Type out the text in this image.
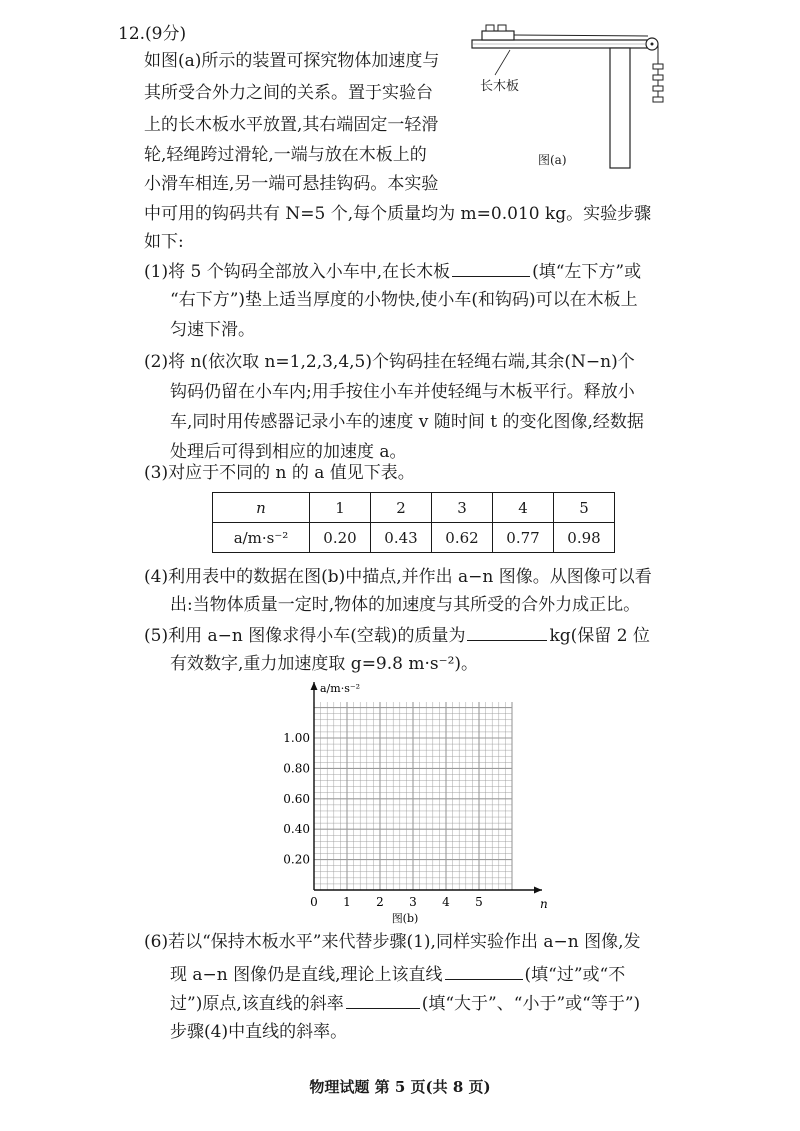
12.(9分)
如图(a)所示的装置可探究物体加速度与
其所受合外力之间的关系。置于实验台
上的长木板水平放置,其右端固定一轻滑
轮,轻绳跨过滑轮,一端与放在木板上的
小滑车相连,另一端可悬挂钩码。本实验
中可用的钩码共有 N=5 个,每个质量均为 m=0.010 kg。实验步骤
如下:
长木板
图(a)
(1)将 5 个钩码全部放入小车中,在长木板	(填“左下方”或
“右下方”)垫上适当厚度的小物快,使小车(和钩码)可以在木板上
匀速下滑。
(2)将 n(依次取 n=1,2,3,4,5)个钩码挂在轻绳右端,其余(N−n)个
钩码仍留在小车内;用手按住小车并使轻绳与木板平行。释放小
车,同时用传感器记录小车的速度 v 随时间 t 的变化图像,经数据
处理后可得到相应的加速度 a。
(3)对应于不同的 n 的 a 值见下表。
n	1	2	3	4	5
a/m·s⁻²	0.20	0.43	0.62	0.77	0.98
(4)利用表中的数据在图(b)中描点,并作出 a−n 图像。从图像可以看
出:当物体质量一定时,物体的加速度与其所受的合外力成正比。
(5)利用 a−n 图像求得小车(空载)的质量为	kg(保留 2 位
有效数字,重力加速度取 g=9.8 m·s⁻²)。
0 1 2 3 4 5
0.20
0.40
0.60
0.80
1.00
n
a/m·s⁻²
图(b)
(6)若以“保持木板水平”来代替步骤(1),同样实验作出 a−n 图像,发
现 a−n 图像仍是直线,理论上该直线	(填“过”或“不
过”)原点,该直线的斜率	(填“大于”、“小于”或“等于”)
步骤(4)中直线的斜率。
物理试题 第 5 页(共 8 页)
